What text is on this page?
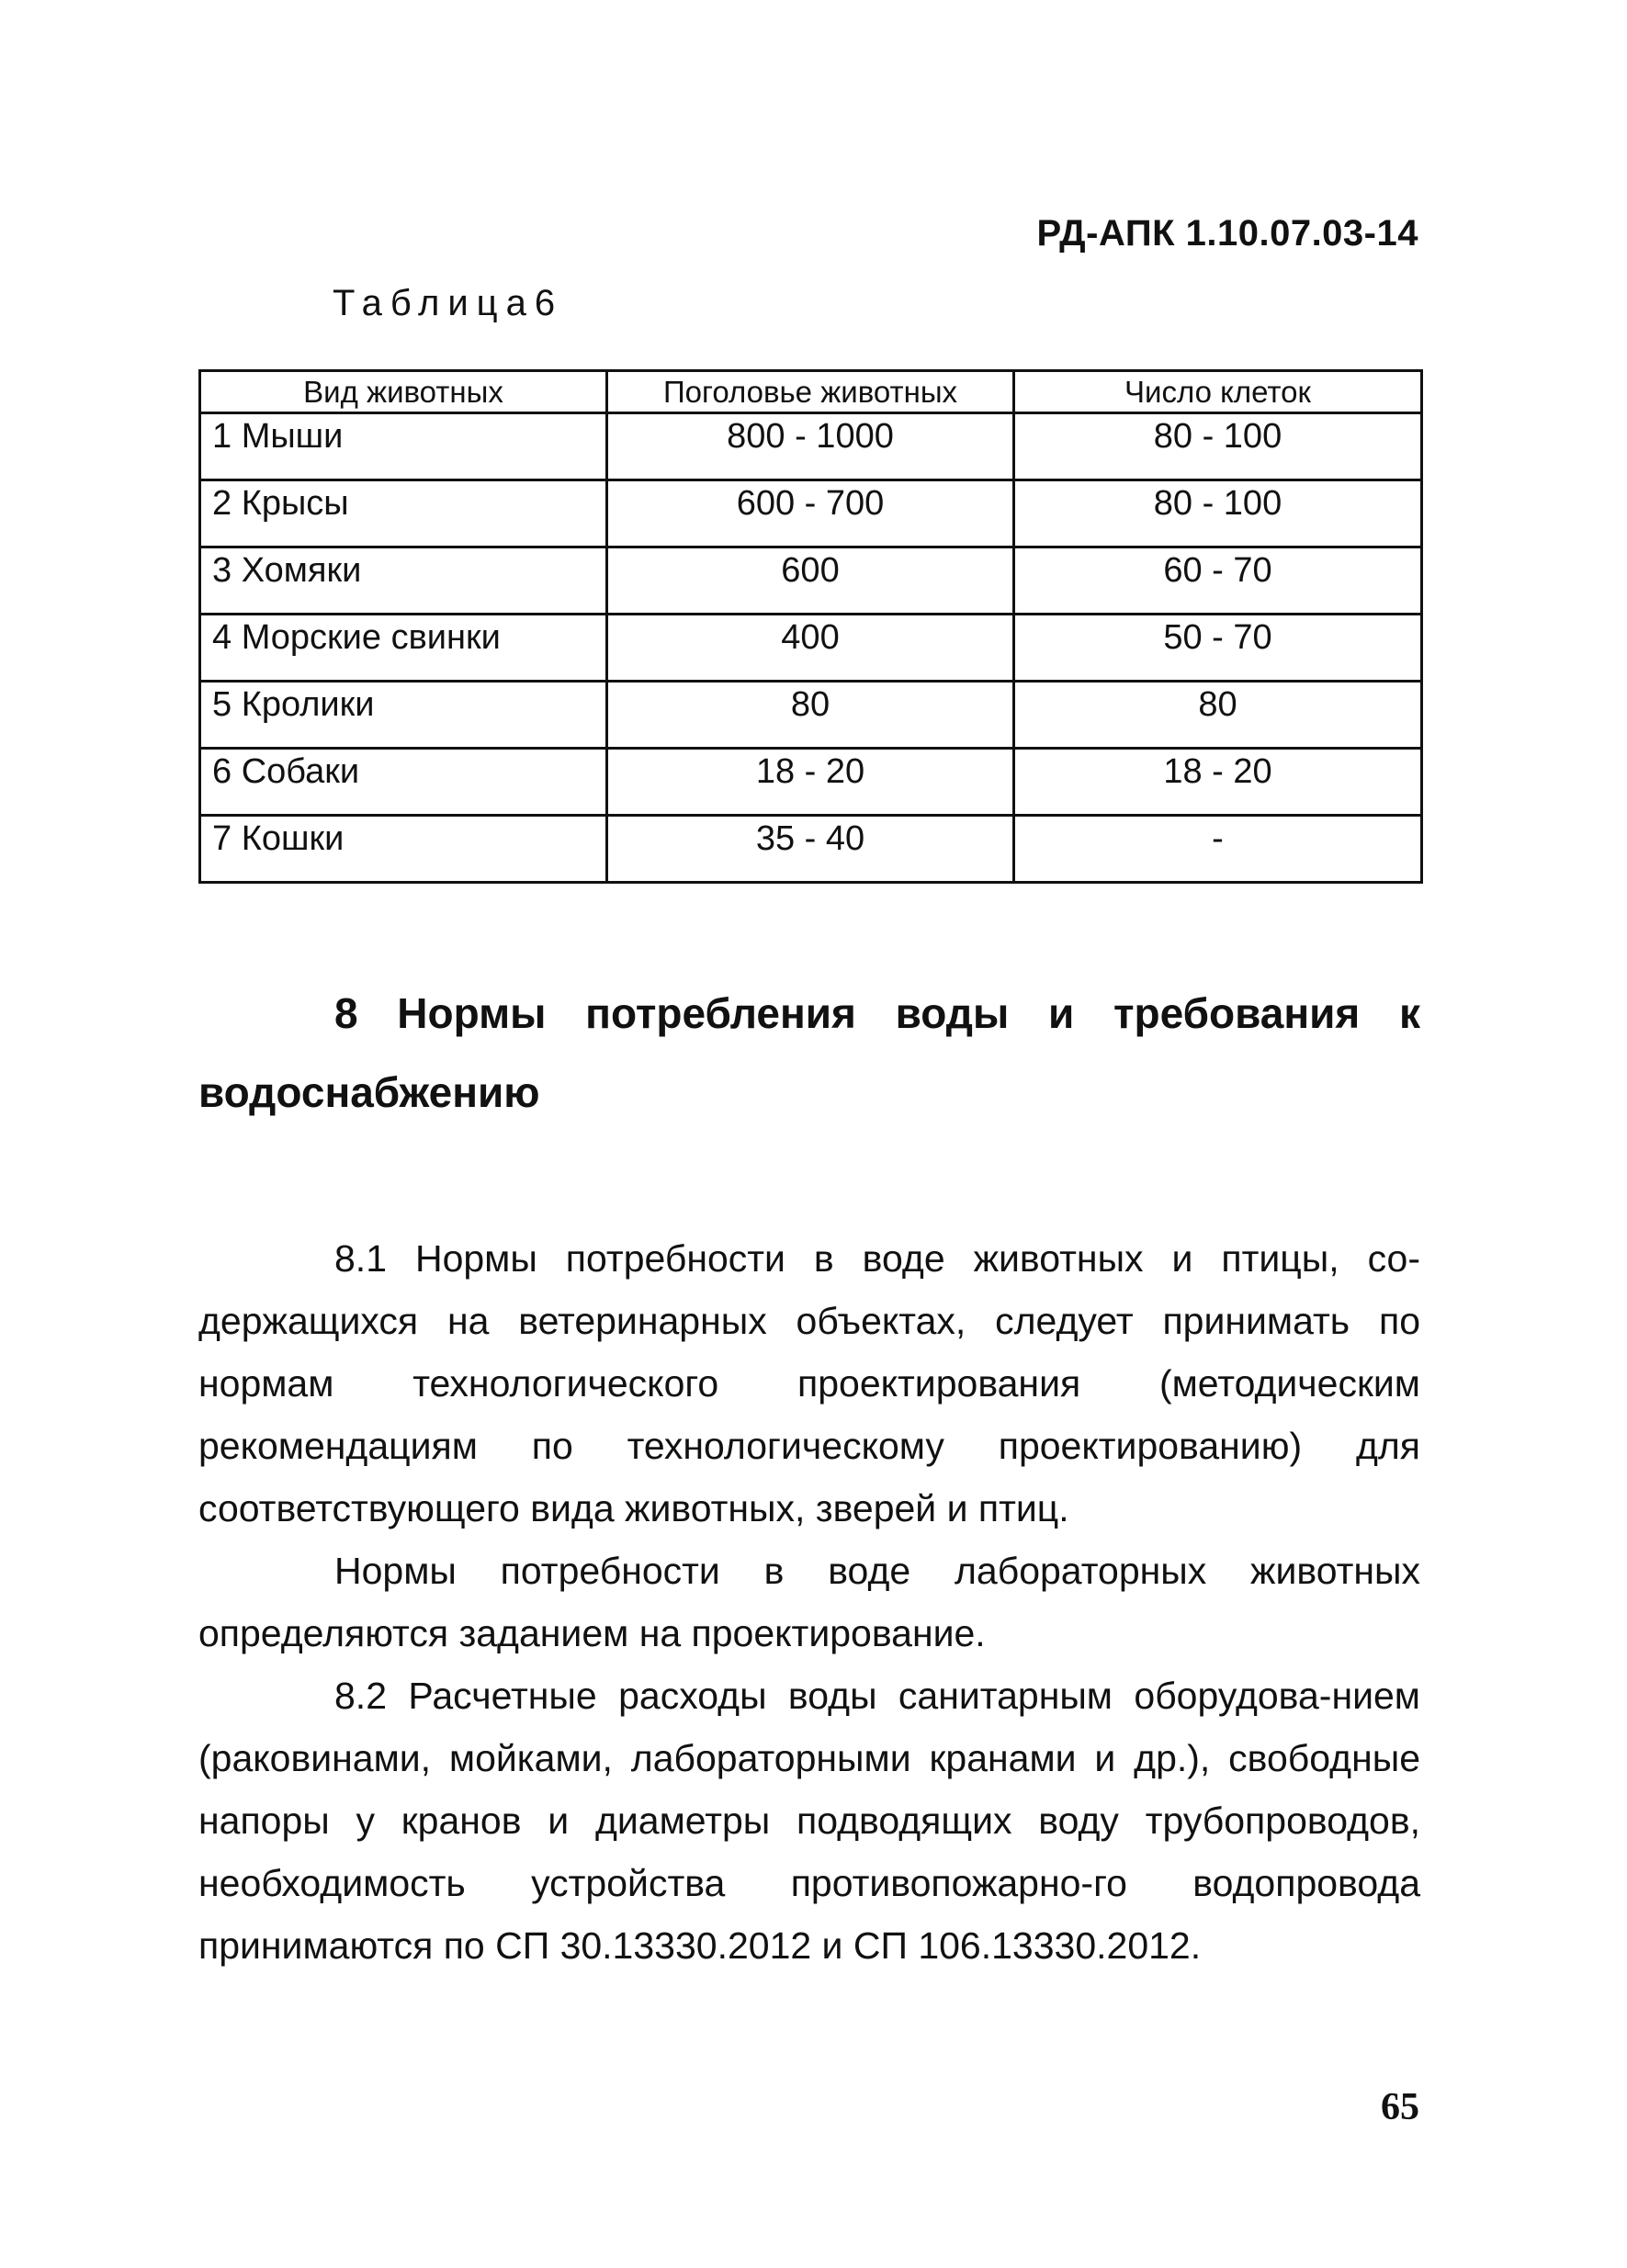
РД-АПК 1.10.07.03-14
Таблица6
Вид животных	Поголовье животных	Число клеток
1 Мыши	800 - 1000	80 - 100
2 Крысы	600 - 700	80 - 100
3 Хомяки	600	60 - 70
4 Морские свинки	400	50 - 70
5 Кролики	80	80
6 Собаки	18 - 20	18 - 20
7 Кошки	35 - 40	-
8 Нормы потребления воды и требования к водоснабжению

8.1 Нормы потребности в воде животных и птицы, со-держащихся на ветеринарных объектах, следует принимать по нормам технологического проектирования (методическим рекомендациям по технологическому проектированию) для соответствующего вида животных, зверей и птиц.

Нормы потребности в воде лабораторных животных определяются заданием на проектирование.

8.2 Расчетные расходы воды санитарным оборудова-нием (раковинами, мойками, лабораторными кранами и др.), свободные напоры у кранов и диаметры подводящих воду трубопроводов, необходимость устройства противопожарно-го водопровода принимаются по СП 30.13330.2012 и СП 106.13330.2012.

65
